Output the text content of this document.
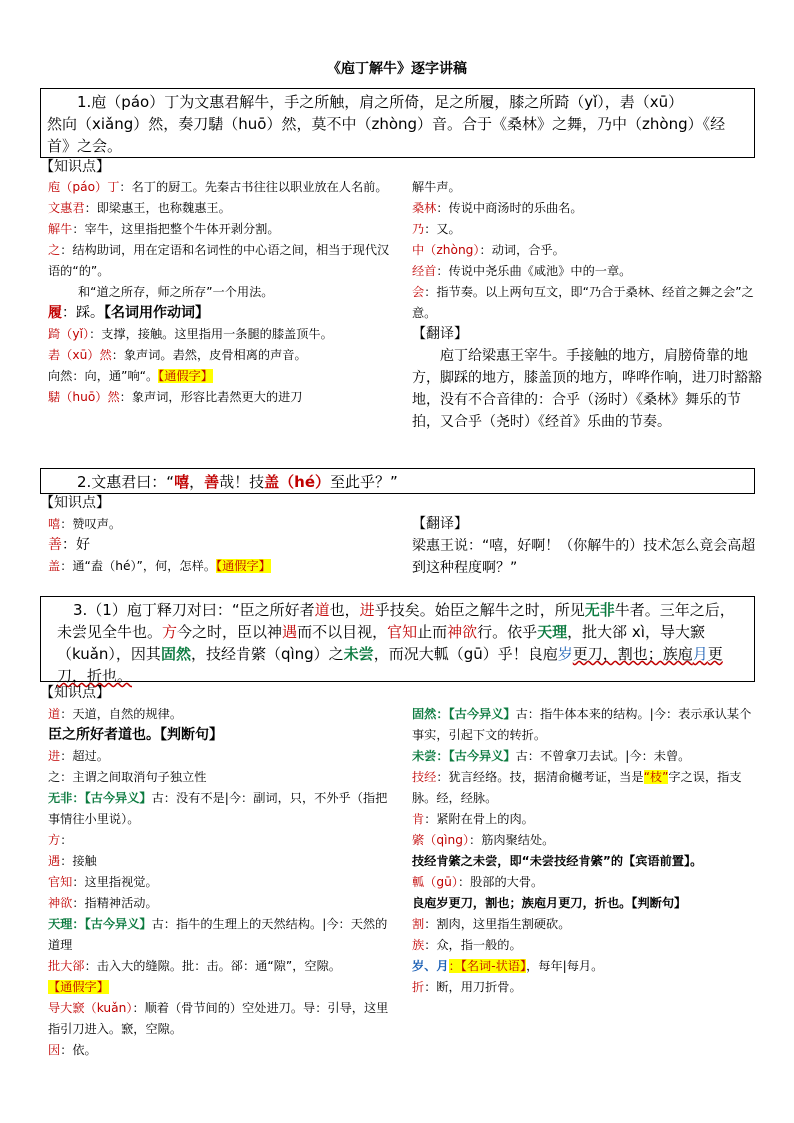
《庖丁解牛》逐字讲稿

1.庖（páo）丁为文惠君解牛，手之所触，肩之所倚，足之所履，膝之所踦（yǐ），砉（xū）

然向（xiǎng）然，奏刀騞（huō）然，莫不中（zhòng）音。合于《桑林》之舞，乃中（zhòng）《经

首》之会。

【知识点】

庖（páo）丁：名丁的厨工。先秦古书往往以职业放在人名前。

文惠君：即梁惠王，也称魏惠王。

解牛：宰牛，这里指把整个牛体开剥分割。

之：结构助词，用在定语和名词性的中心语之间，相当于现代汉语的“的”。

和“道之所存，师之所存”一个用法。

履：踩。【名词用作动词】

踦（yǐ）：支撑，接触。这里指用一条腿的膝盖顶牛。

砉（xū）然：象声词。砉然，皮骨相离的声音。

向然：向，通”响“。【通假字】

騞（huō）然：象声词，形容比砉然更大的进刀

解牛声。

桑林：传说中商汤时的乐曲名。

乃：又。

中（zhòng）：动词，合乎。

经首：传说中尧乐曲《咸池》中的一章。

会：指节奏。以上两句互文，即“乃合于桑林、经首之舞之会”之意。

【翻译】

庖丁给梁惠王宰牛。手接触的地方，肩膀倚靠的地方，脚踩的地方，膝盖顶的地方，哗哗作响，进刀时豁豁地，没有不合音律的：合乎（汤时）《桑林》舞乐的节拍，又合乎（尧时）《经首》乐曲的节奏。

2.文惠君曰：“嘻，善哉！技盖（hé）至此乎？”

【知识点】

嘻：赞叹声。

善：好

盖：通“盍（hé）”，何，怎样。【通假字】

【翻译】

梁惠王说：“嘻，好啊！（你解牛的）技术怎么竟会高超到这种程度啊？”

3.（1）庖丁释刀对曰：“臣之所好者道也，进乎技矣。始臣之解牛之时，所见无非牛者。三年之后，未尝见全牛也。方今之时，臣以神遇而不以目视，官知止而神欲行。依乎天理，批大郤 xì，导大窾（kuǎn），因其固然，技经肯綮（qìng）之未尝，而况大軱（gū）乎！良庖岁更刀，割也；族庖月更刀，折也。

【知识点】

道：天道，自然的规律。

臣之所好者道也。【判断句】

进：超过。

之：主谓之间取消句子独立性

无非：【古今异义】古：没有不是|今：副词，只，不外乎（指把事情往小里说）。

方：

遇：接触

官知：这里指视觉。

神欲：指精神活动。

天理：【古今异义】古：指牛的生理上的天然结构。|今：天然的道理

批大郤：击入大的缝隙。批：击。郤：通“隙”，空隙。【通假字】

导大窾（kuǎn）：顺着（骨节间的）空处进刀。导：引导，这里指引刀进入。窾，空隙。

因：依。

固然：【古今异义】古：指牛体本来的结构。|今：表示承认某个事实，引起下文的转折。

未尝：【古今异义】古：不曾拿刀去试。|今：未曾。

技经：犹言经络。技，据清俞樾考证，当是“枝”字之误，指支脉。经，经脉。

肯：紧附在骨上的肉。

綮（qìng）：筋肉聚结处。

技经肯綮之未尝，即“未尝技经肯綮”的【宾语前置】。

軱（gū）：股部的大骨。

良庖岁更刀，割也；族庖月更刀，折也。【判断句】

割：割肉，这里指生割硬砍。

族：众，指一般的。

岁、月：【名词-状语】，每年|每月。

折：断，用刀折骨。
